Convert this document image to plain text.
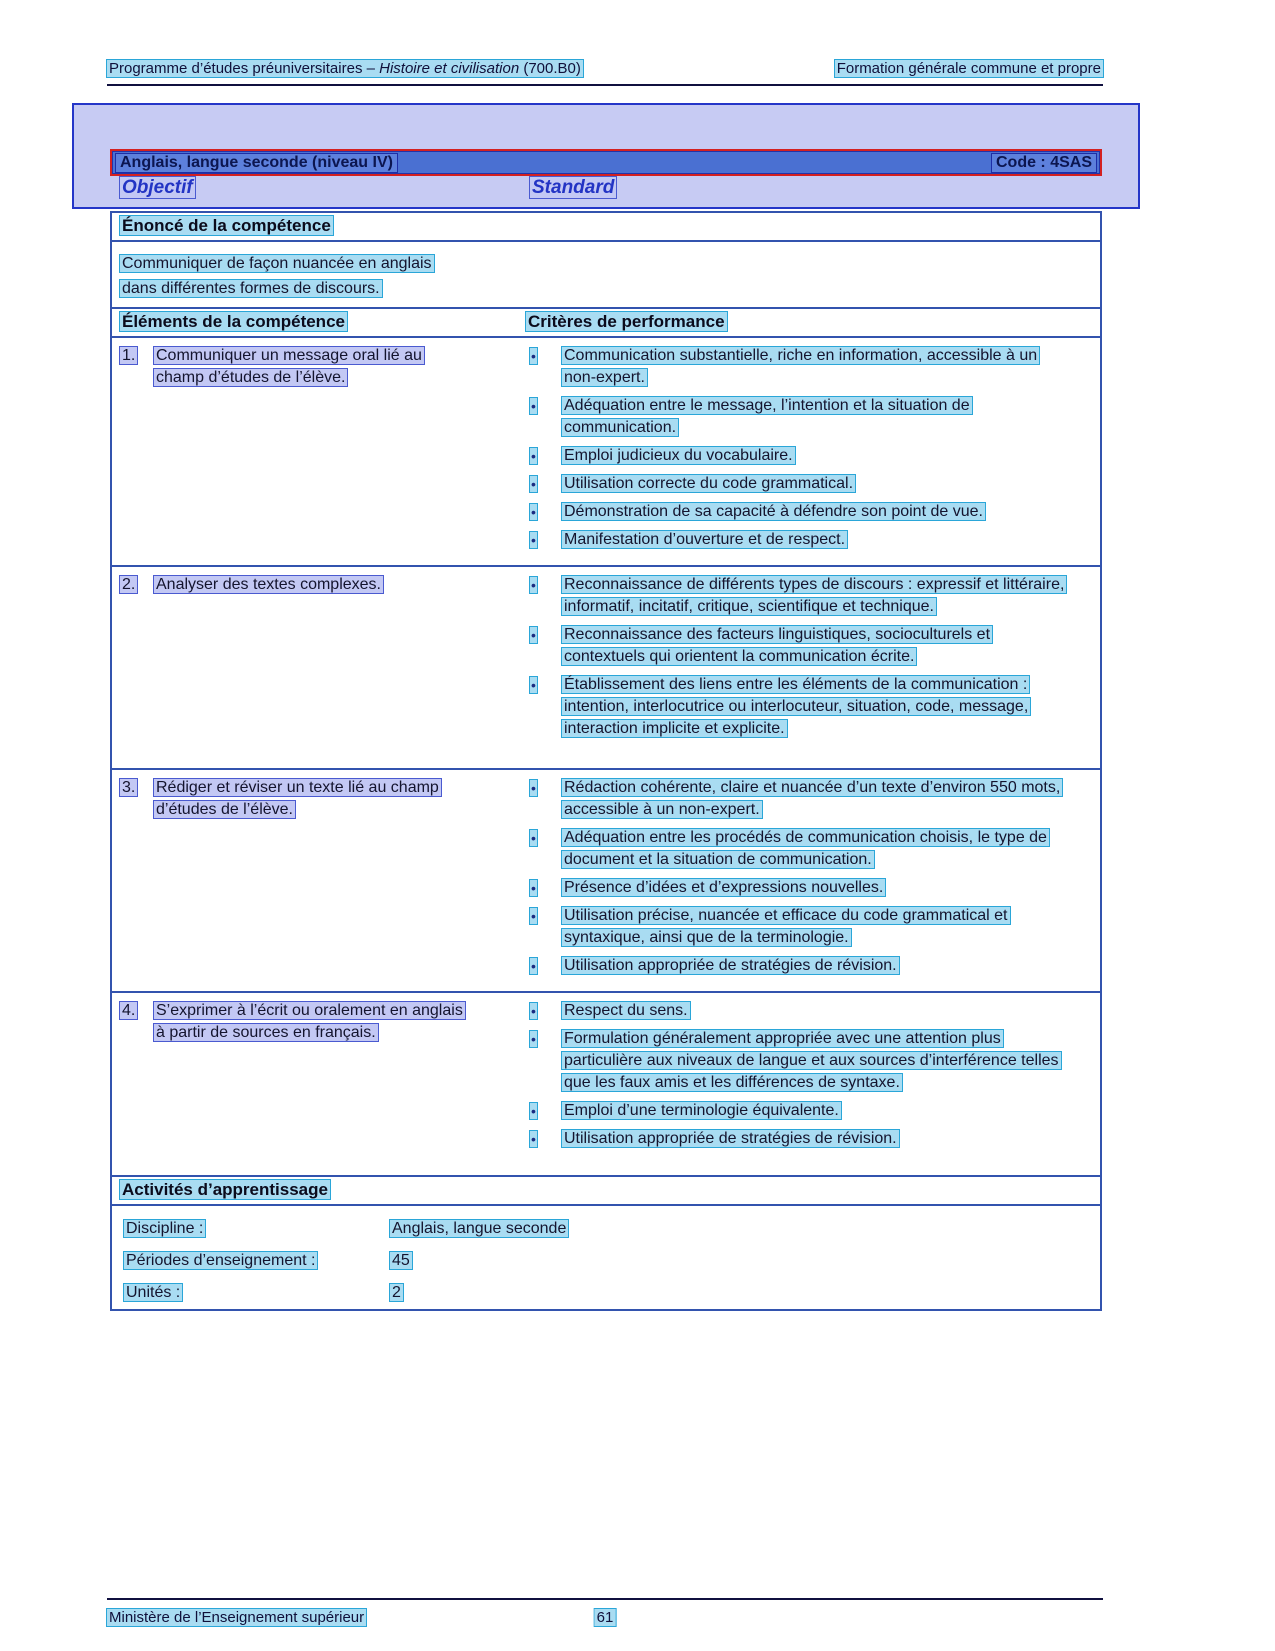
Programme d’études préuniversitaires – Histoire et civilisation (700.B0)	Formation générale commune et propre
Anglais, langue seconde (niveau IV)	Code : 4SAS
Objectif	Standard
Énoncé de la compétence
Communiquer de façon nuancée en anglais
dans différentes formes de discours.
Éléments de la compétence	Critères de performance
1.	Communiquer un message oral lié au champ d’études de l’élève.
•	Communication substantielle, riche en information, accessible à un non-expert.
•	Adéquation entre le message, l’intention et la situation de communication.
•	Emploi judicieux du vocabulaire.
•	Utilisation correcte du code grammatical.
•	Démonstration de sa capacité à défendre son point de vue.
•	Manifestation d’ouverture et de respect.
2.	Analyser des textes complexes.	•	Reconnaissance de différents types de discours : expressif et littéraire, informatif, incitatif, critique, scientifique et technique.
•	Reconnaissance des facteurs linguistiques, socioculturels et contextuels qui orientent la communication écrite.
•	Établissement des liens entre les éléments de la communication : intention, interlocutrice ou interlocuteur, situation, code, message, interaction implicite et explicite.
3.	Rédiger et réviser un texte lié au champ d’études de l’élève.
•	Rédaction cohérente, claire et nuancée d’un texte d’environ 550 mots, accessible à un non-expert.
•	Adéquation entre les procédés de communication choisis, le type de document et la situation de communication.
•	Présence d’idées et d’expressions nouvelles.
•	Utilisation précise, nuancée et efficace du code grammatical et syntaxique, ainsi que de la terminologie.
•	Utilisation appropriée de stratégies de révision.
4.	S’exprimer à l’écrit ou oralement en anglais à partir de sources en français.
•	Respect du sens.
•	Formulation généralement appropriée avec une attention plus particulière aux niveaux de langue et aux sources d’interférence telles que les faux amis et les différences de syntaxe.
•	Emploi d’une terminologie équivalente.
•	Utilisation appropriée de stratégies de révision.
Activités d’apprentissage
Discipline :	Anglais, langue seconde
Périodes d’enseignement :	45
Unités :	2
Ministère de l’Enseignement supérieur	61
